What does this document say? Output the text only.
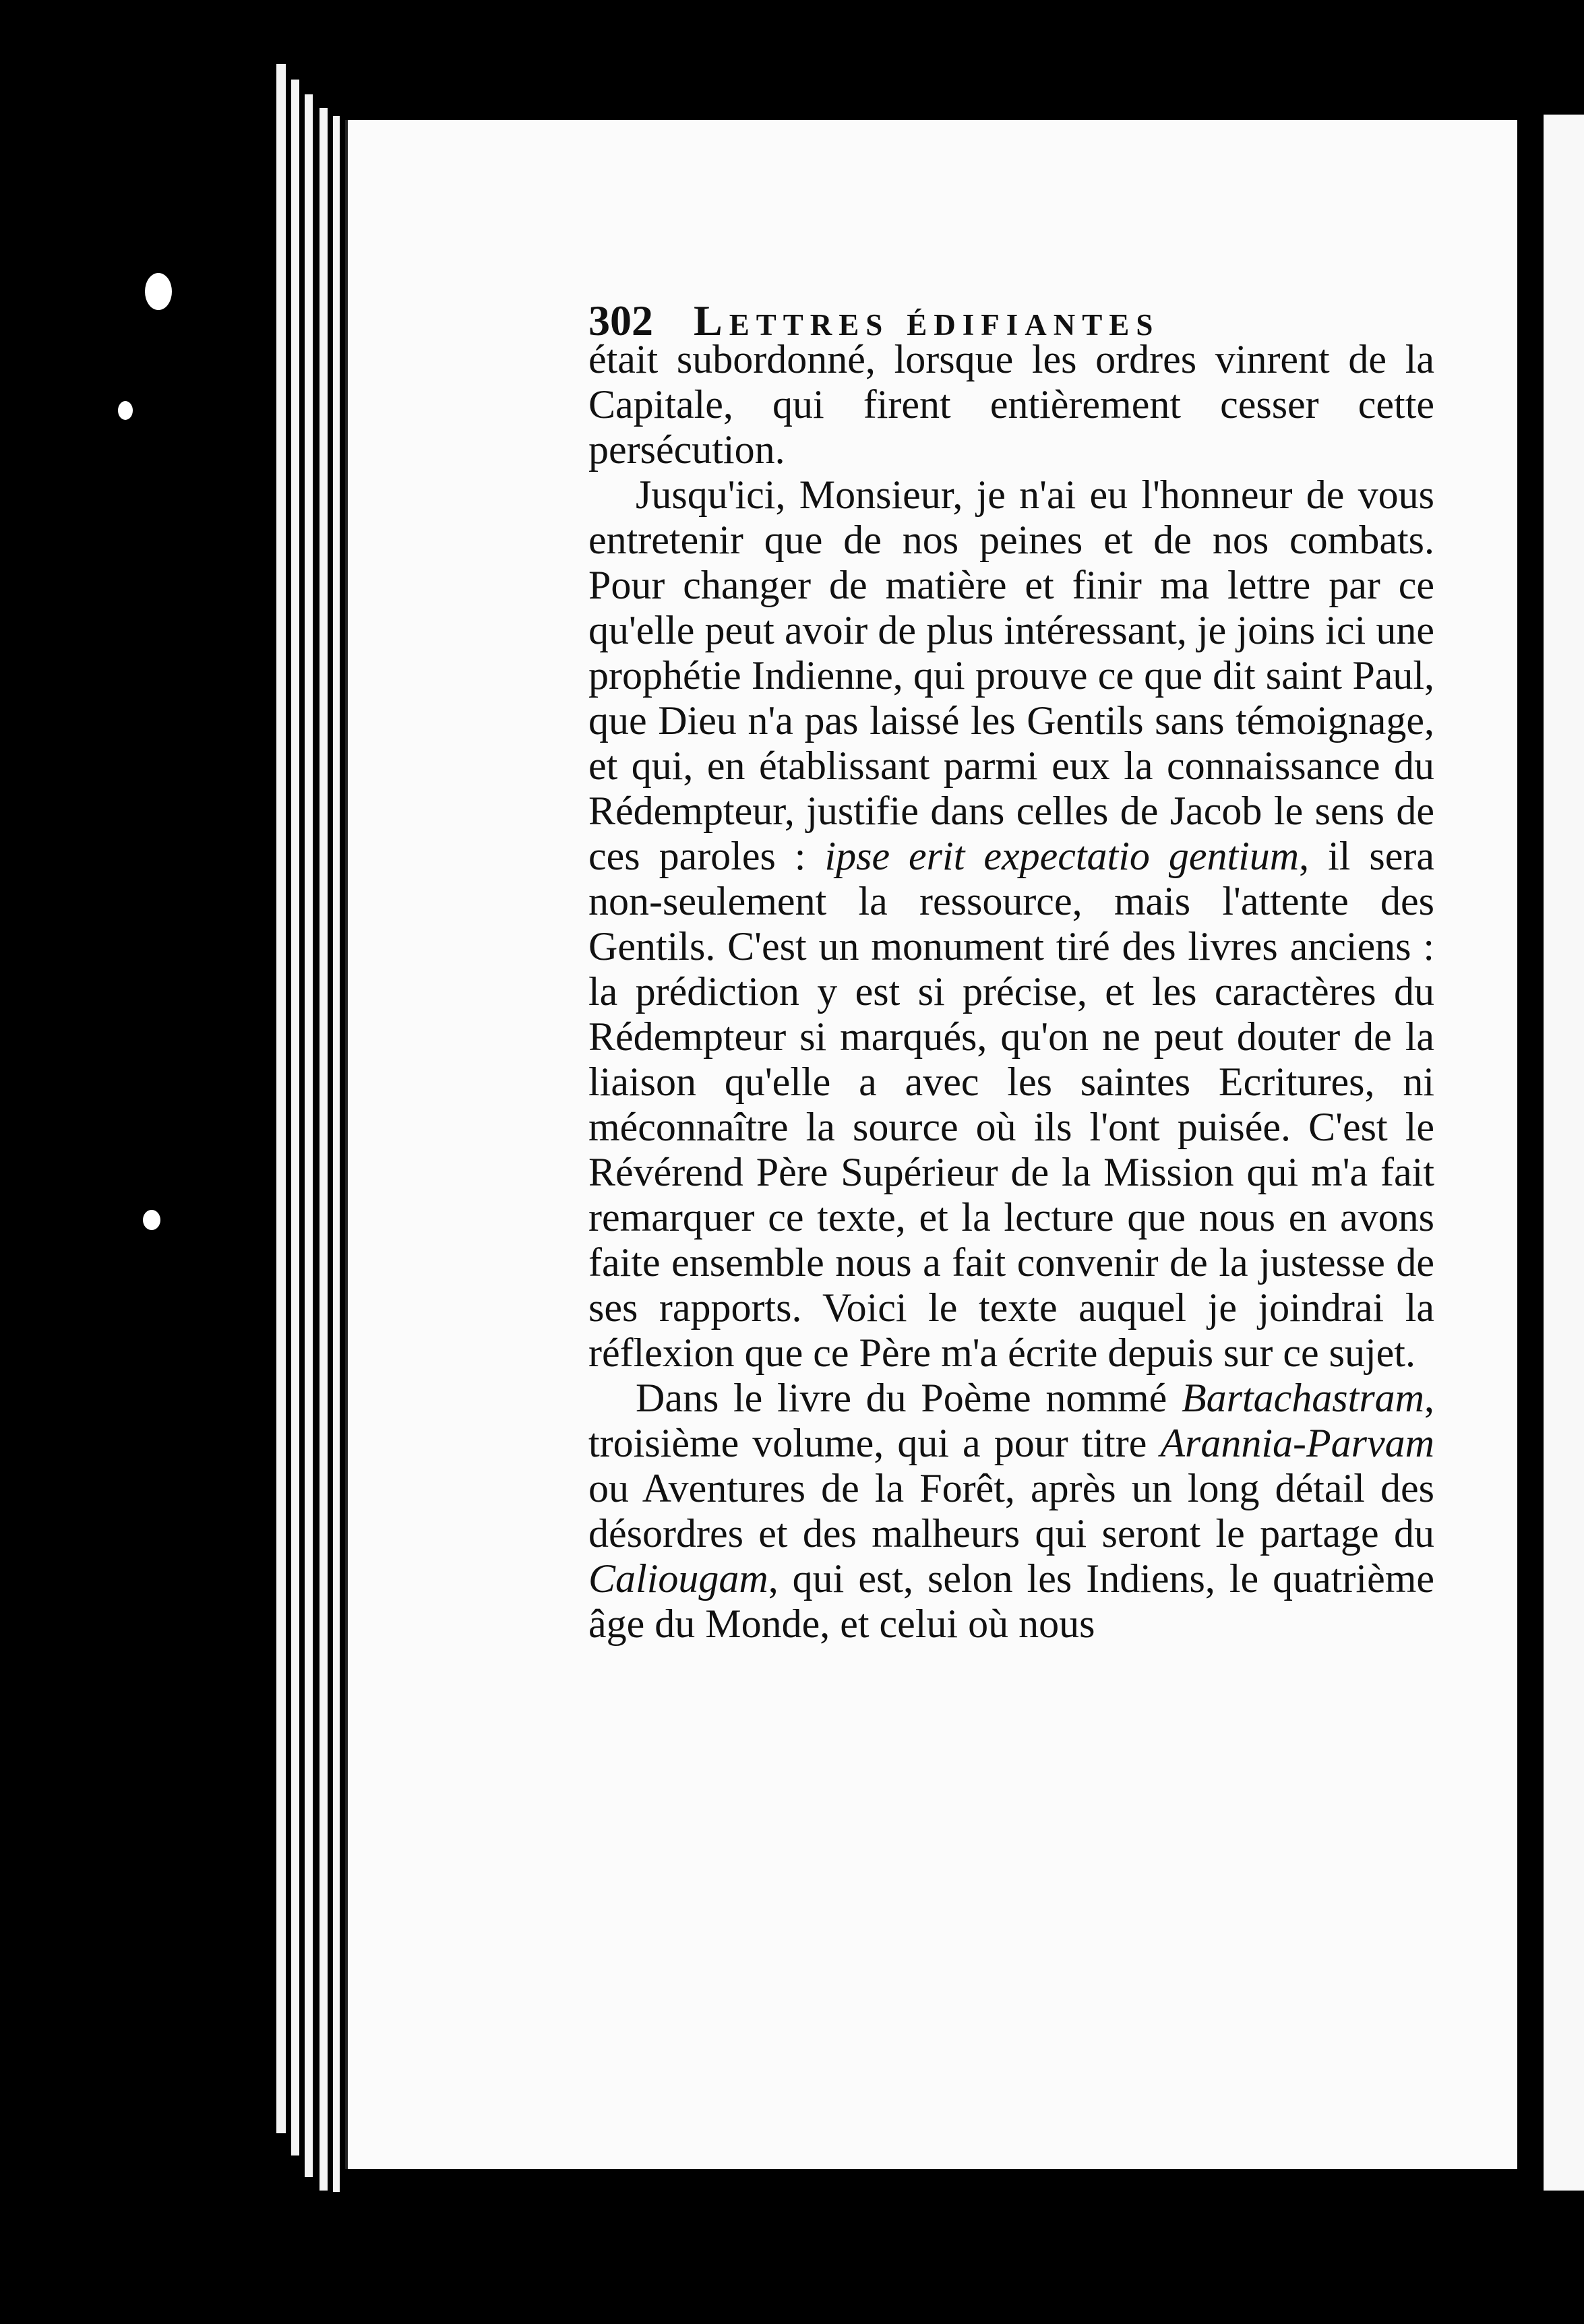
302 Lettres édifiantes

était subordonné, lorsque les ordres vinrent de la Capitale, qui firent entièrement cesser cette persécution.

Jusqu'ici, Monsieur, je n'ai eu l'honneur de vous entretenir que de nos peines et de nos combats. Pour changer de matière et finir ma lettre par ce qu'elle peut avoir de plus intéressant, je joins ici une prophétie Indienne, qui prouve ce que dit saint Paul, que Dieu n'a pas laissé les Gentils sans témoignage, et qui, en établissant parmi eux la connaissance du Rédempteur, justifie dans celles de Jacob le sens de ces paroles : ipse erit expectatio gentium, il sera non-seulement la ressource, mais l'attente des Gentils. C'est un monument tiré des livres anciens : la prédiction y est si précise, et les caractères du Rédempteur si marqués, qu'on ne peut douter de la liaison qu'elle a avec les saintes Ecritures, ni méconnaître la source où ils l'ont puisée. C'est le Révérend Père Supérieur de la Mission qui m'a fait remarquer ce texte, et la lecture que nous en avons faite ensemble nous a fait convenir de la justesse de ses rapports. Voici le texte auquel je joindrai la réflexion que ce Père m'a écrite depuis sur ce sujet.

Dans le livre du Poème nommé Bartachastram, troisième volume, qui a pour titre Arannia-Parvam ou Aventures de la Forêt, après un long détail des désordres et des malheurs qui seront le partage du Caliougam, qui est, selon les Indiens, le quatrième âge du Monde, et celui où nous
